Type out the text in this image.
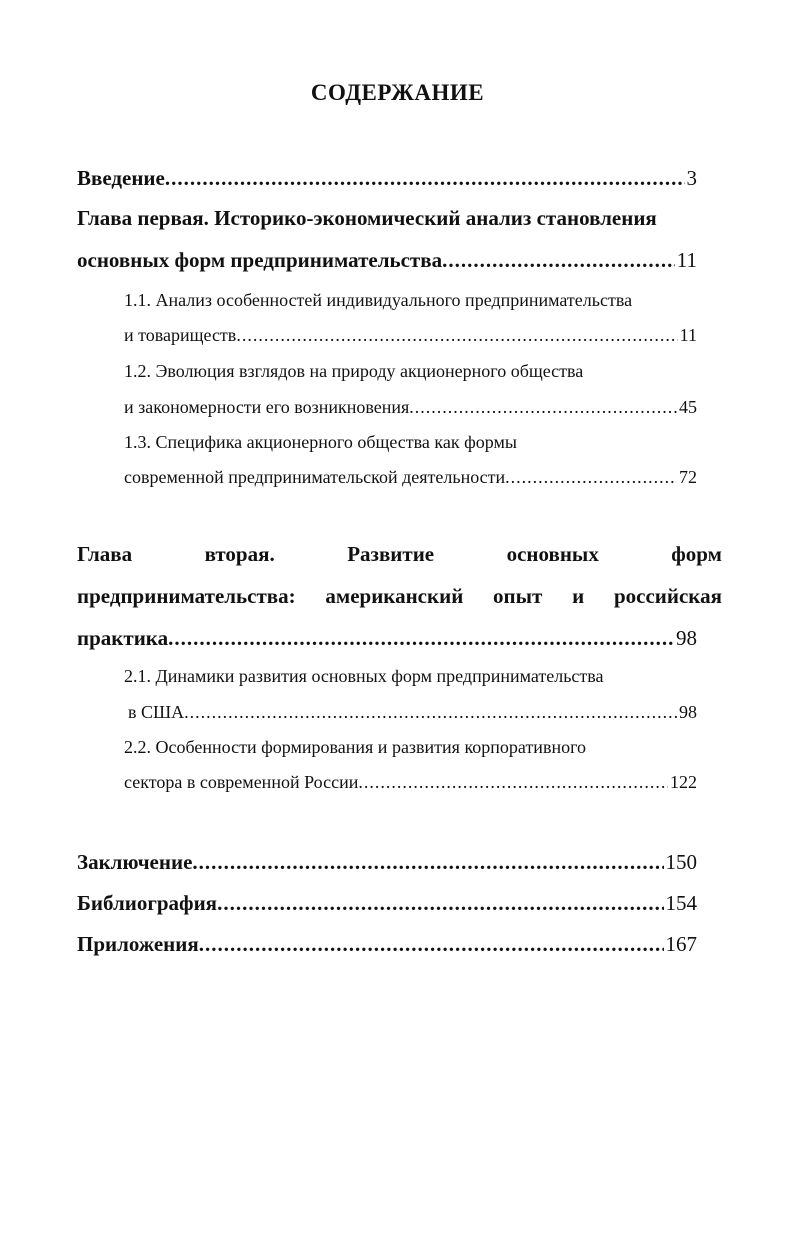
СОДЕРЖАНИЕ
Введение .....	3
Глава первая. Историко-экономический анализ становления
основных форм предпринимательства .....	11
1.1. Анализ особенностей индивидуального предпринимательства
и товариществ .....	11
1.2. Эволюция взглядов на природу акционерного общества
и закономерности его возникновения .....	45
1.3. Специфика акционерного общества как формы
современной предпринимательской деятельности .....	72
Глава	вторая.	Развитие	основных	форм
предпринимательства: американский опыт и российская
практика .....	98
2.1. Динамики развития основных форм предпринимательства
в США .....	98
2.2. Особенности формирования и развития корпоративного
сектора в современной России .....	122
Заключение .....	150
Библиография .....	154
Приложения .....	167
